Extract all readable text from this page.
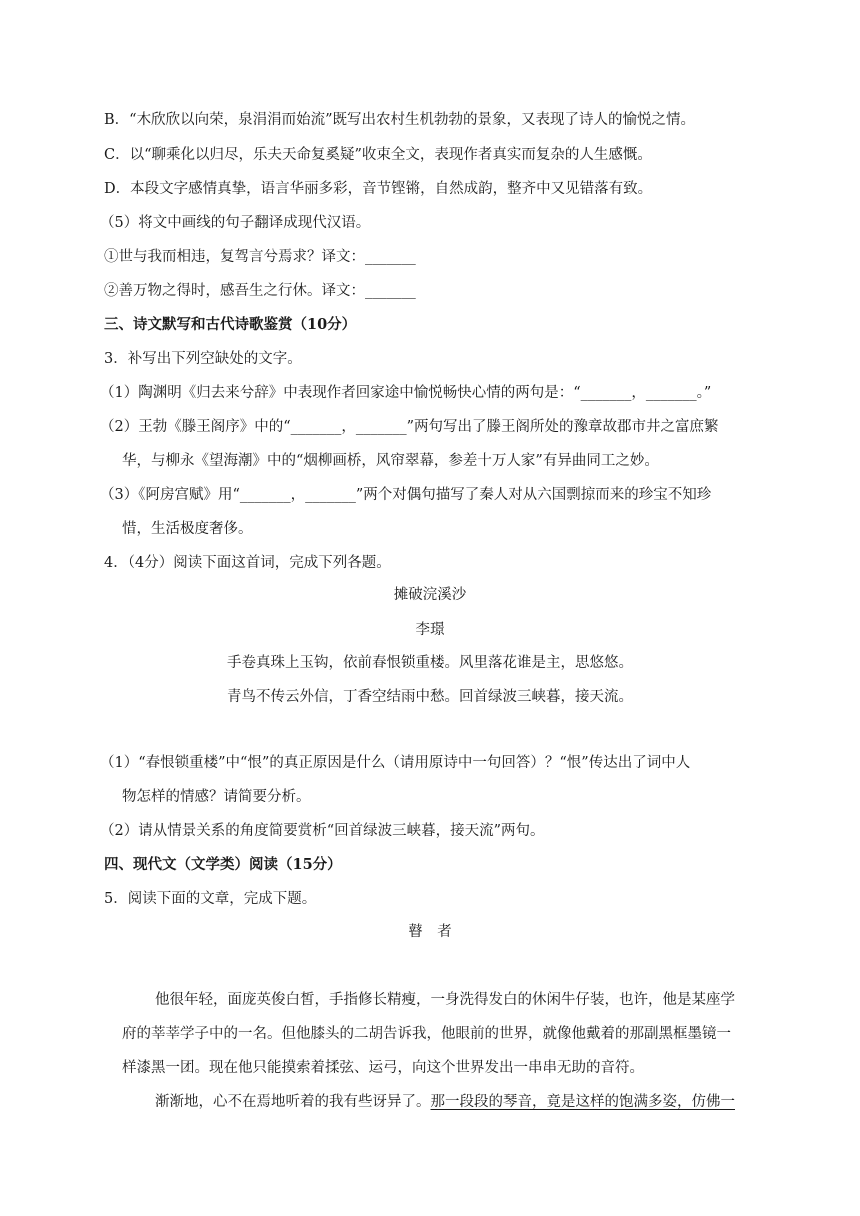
B．“木欣欣以向荣，泉涓涓而始流”既写出农村生机勃勃的景象，又表现了诗人的愉悦之情。
C．以“聊乘化以归尽，乐夫天命复奚疑”收束全文，表现作者真实而复杂的人生感慨。
D．本段文字感情真挚，语言华丽多彩，音节铿锵，自然成韵，整齐中又见错落有致。
（5）将文中画线的句子翻译成现代汉语。
①世与我而相违，复驾言兮焉求？译文：_______
②善万物之得时，感吾生之行休。译文：_______
三、诗文默写和古代诗歌鉴赏（10分）
3．补写出下列空缺处的文字。
（1）陶渊明《归去来兮辞》中表现作者回家途中愉悦畅快心情的两句是：“_______，_______。”
（2）王勃《滕王阁序》中的“_______，_______”两句写出了滕王阁所处的豫章故郡市井之富庶繁
华，与柳永《望海潮》中的“烟柳画桥，风帘翠幕，参差十万人家”有异曲同工之妙。
（3）《阿房宫赋》用“_______，_______”两个对偶句描写了秦人对从六国剽掠而来的珍宝不知珍
惜，生活极度奢侈。
4．（4分）阅读下面这首词，完成下列各题。
摊破浣溪沙
李璟
手卷真珠上玉钩，依前春恨锁重楼。风里落花谁是主，思悠悠。
青鸟不传云外信，丁香空结雨中愁。回首绿波三峡暮，接天流。
（1）“春恨锁重楼”中“恨”的真正原因是什么（请用原诗中一句回答）？“恨”传达出了词中人
物怎样的情感？请简要分析。
（2）请从情景关系的角度简要赏析“回首绿波三峡暮，接天流”两句。
四、现代文（文学类）阅读（15分）
5．阅读下面的文章，完成下题。
瞽　者
他很年轻，面庞英俊白皙，手指修长精瘦，一身洗得发白的休闲牛仔装，也许，他是某座学
府的莘莘学子中的一名。但他膝头的二胡告诉我，他眼前的世界，就像他戴着的那副黑框墨镜一
样漆黑一团。现在他只能摸索着揉弦、运弓，向这个世界发出一串串无助的音符。
渐渐地，心不在焉地听着的我有些讶异了。那一段段的琴音，竟是这样的饱满多姿，仿佛一
